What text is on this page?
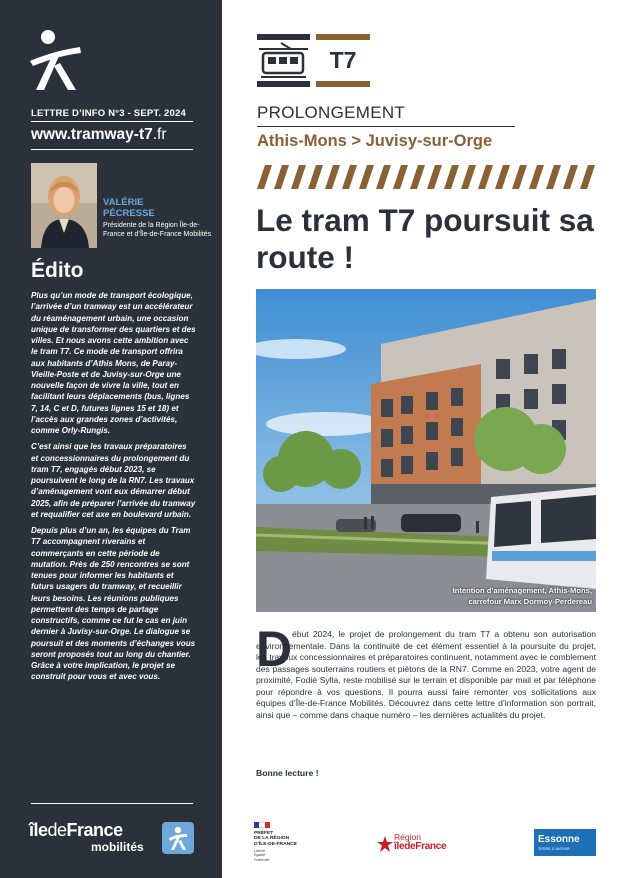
LETTRE D’INFO N°3 - SEPT. 2024
www.tramway-t7.fr
VALÉRIE
PÉCRESSE
Présidente de la Région Île-de-France et d’Île-de-France Mobilités
Édito

Plus qu’un mode de transport écologique, l’arrivée d’un tramway est un accélérateur du réaménagement urbain, une occasion unique de transformer des quartiers et des villes. Et nous avons cette ambition avec le tram T7. Ce mode de transport offrira aux habitants d’Athis Mons, de Paray-Vieille-Poste et de Juvisy-sur-Orge une nouvelle façon de vivre la ville, tout en facilitant leurs déplacements (bus, lignes 7, 14, C et D, futures lignes 15 et 18) et l’accès aux grandes zones d’activités, comme Orly-Rungis.

C’est ainsi que les travaux préparatoires et concessionnaires du prolongement du tram T7, engagés début 2023, se poursuivent le long de la RN7. Les travaux d’aménagement vont eux démarrer début 2025, afin de préparer l’arrivée du tramway et requalifier cet axe en boulevard urbain.

Depuis plus d’un an, les équipes du Tram T7 accompagnent riverains et commerçants en cette période de mutation. Près de 250 rencontres se sont tenues pour informer les habitants et futurs usagers du tramway, et recueillir leurs besoins. Les réunions publiques permettent des temps de partage constructifs, comme ce fut le cas en juin dernier à Juvisy-sur-Orge. Le dialogue se poursuit et des moments d’échanges vous seront proposés tout au long du chantier. Grâce à votre implication, le projet se construit pour vous et avec vous.

îledeFrance
mobilités
T7
PROLONGEMENT
Athis-Mons > Juvisy-sur-Orge
Le tram T7 poursuit sa route !
Intention d’aménagement, Athis-Mons,
carrefour Marx Dormoy-Perdereau
D ébut 2024, le projet de prolongement du tram T7 a obtenu son autorisation environnementale. Dans la continuité de cet élément essentiel à la poursuite du projet, les travaux concessionnaires et préparatoires continuent, notamment avec le comblement des passages souterrains routiers et piétons de la RN7. Comme en 2023, votre agent de proximité, Fodié Sylla, reste mobilisé sur le terrain et disponible par mail et par téléphone pour répondre à vos questions. Il pourra aussi faire remonter vos sollicitations aux équipes d’Île-de-France Mobilités. Découvrez dans cette lettre d’information son portrait, ainsi que – comme dans chaque numéro – les dernières actualités du projet.
Bonne lecture !
PRÉFET
DE LA RÉGION
D’ÎLE-DE-FRANCE
Liberté
Égalité
Fraternité
Région
îledeFrance
Essonne
TERRE D’AVENIR
